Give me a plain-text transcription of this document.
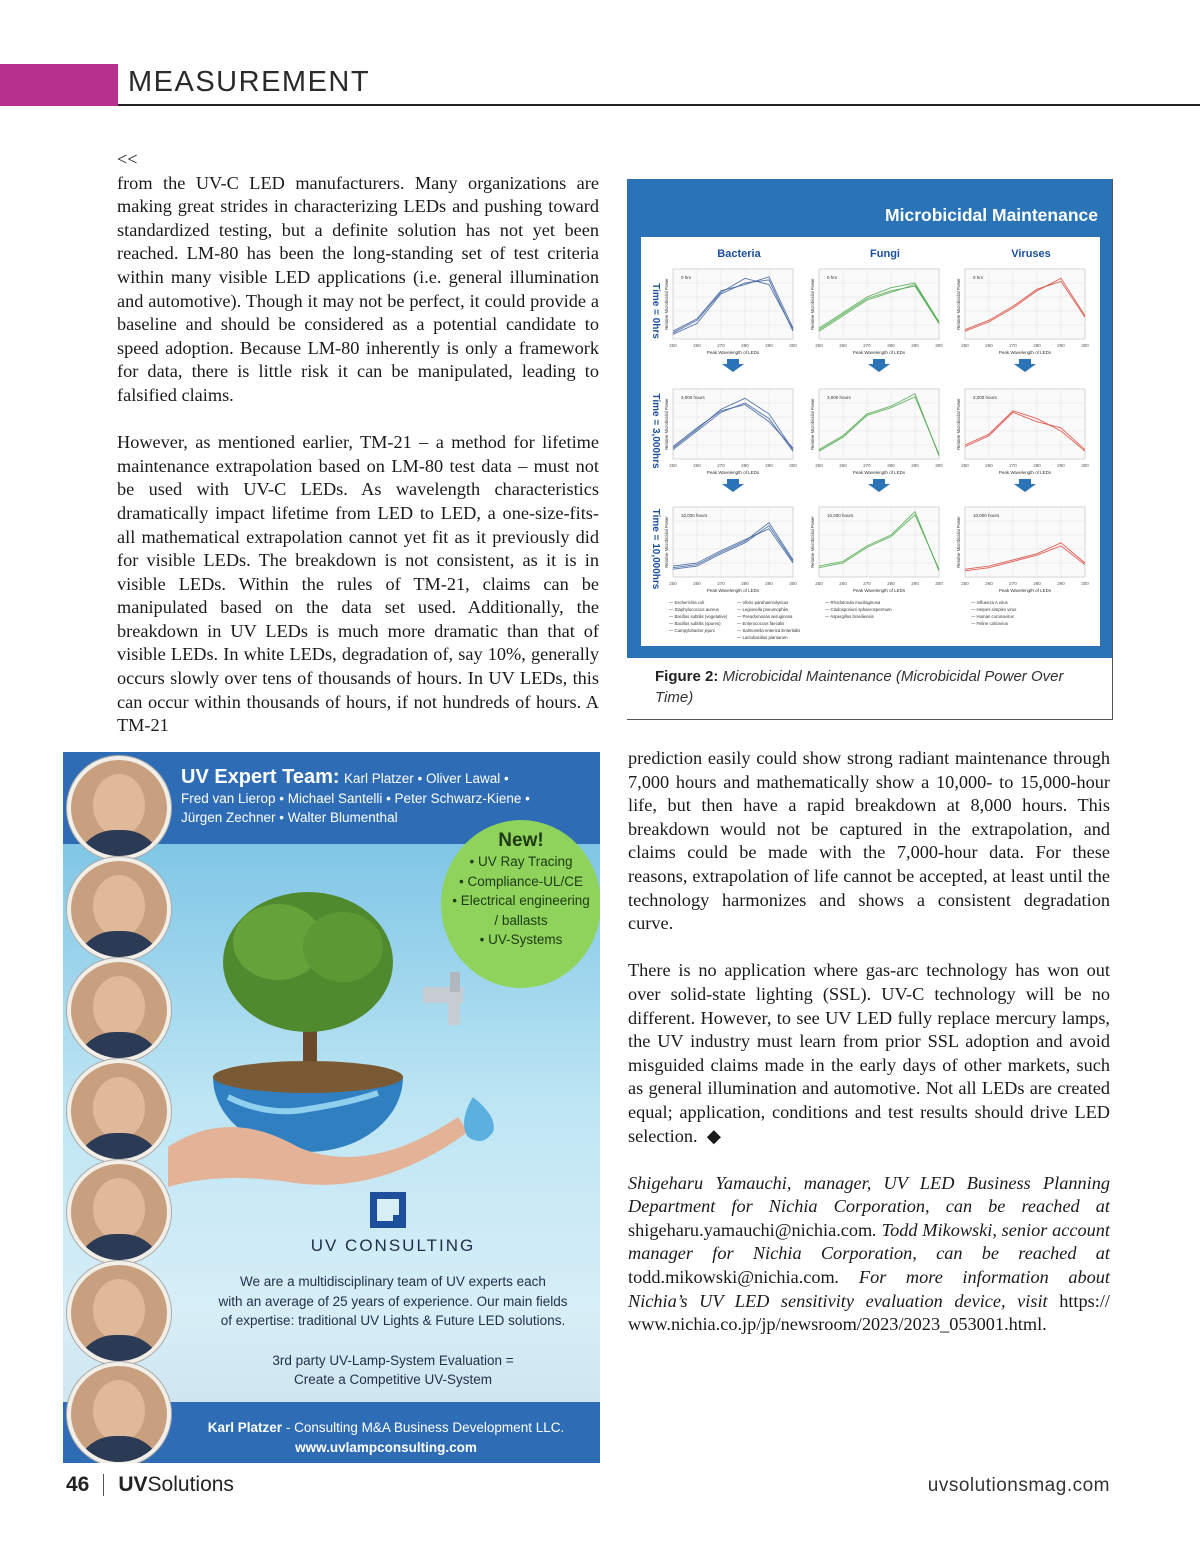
MEASUREMENT
<<

from the UV-C LED manufacturers. Many organizations are making great strides in characterizing LEDs and pushing toward standardized testing, but a definite solution has not yet been reached. LM-80 has been the long-standing set of test criteria within many visible LED applications (i.e. general illumination and automotive). Though it may not be perfect, it could provide a baseline and should be considered as a potential candidate to speed adoption. Because LM-80 inherently is only a framework for data, there is little risk it can be manipulated, leading to falsified claims.

However, as mentioned earlier, TM-21 – a method for lifetime maintenance extrapolation based on LM-80 test data – must not be used with UV-C LEDs. As wavelength characteristics dramatically impact lifetime from LED to LED, a one-size-fits-all mathematical extrapolation cannot yet fit as it previously did for visible LEDs. The breakdown is not consistent, as it is in visible LEDs. Within the rules of TM-21, claims can be manipulated based on the data set used. Additionally, the breakdown in UV LEDs is much more dramatic than that of visible LEDs. In white LEDs, degradation of, say 10%, generally occurs slowly over tens of thousands of hours. In UV LEDs, this can occur within thousands of hours, if not hundreds of hours. A TM-21

Microbicidal Maintenance
Bacteria	Fungi	Viruses
Time = 0hrs
250	260	270	280	290	300
Peak Wavelength of LEDs
Relative Microbicidal Power
0 hrs
250	260	270	280	290	300
Peak Wavelength of LEDs
Relative Microbicidal Power
0 hrs
250	260	270	280	290	300
Peak Wavelength of LEDs
Relative Microbicidal Power
0 hrs
Time = 3,000hrs 250	260	270	280	290	300
Peak Wavelength of LEDs
Relative Microbicidal Power
3,000 hours
250	260	270	280	290	300
Peak Wavelength of LEDs
Relative Microbicidal Power
3,000 hours
250	260	270	280	290	300
Peak Wavelength of LEDs
Relative Microbicidal Power
3,000 hours
Time = 10,000hrs 250	260	270	280	290	300
Peak Wavelength of LEDs
Relative Microbicidal Power
10,000 hours
250	260	270	280	290	300
Peak Wavelength of LEDs
Relative Microbicidal Power
10,000 hours
250	260	270	280	290	300
Peak Wavelength of LEDs
Relative Microbicidal Power
10,000 hours
— Escherichia coli
— Staphylococcus aureus
— Bacillus subtilis (vegetative)
— Bacillus subtilis (spores)
— Campylobacter jejuni
— Vibrio parahaemolyticus
— Legionella pneumophila
— Pseudomonas aeruginosa
— Enterococcus faecalis
— Salmonella enterica Enteritidis
— Lactobacillus plantarum
— Rhodotorula mucilaginosa
— Cladosporium sphaerospermum
— Aspergillus brasiliensis
— Influenza A virus
— Herpes simplex virus
— Human coronavirus
— Feline calicivirus
Figure 2: Microbicidal Maintenance (Microbicidal Power Over Time)

prediction easily could show strong radiant maintenance through 7,000 hours and mathematically show a 10,000- to 15,000-hour life, but then have a rapid breakdown at 8,000 hours. This breakdown would not be captured in the extrapolation, and claims could be made with the 7,000-hour data. For these reasons, extrapolation of life cannot be accepted, at least until the technology harmonizes and shows a consistent degradation curve.

There is no application where gas-arc technology has won out over solid-state lighting (SSL). UV-C technology will be no different. However, to see UV LED fully replace mercury lamps, the UV industry must learn from prior SSL adoption and avoid misguided claims made in the early days of other markets, such as general illumination and automotive. Not all LEDs are created equal; application, conditions and test results should drive LED selection. ◆

Shigeharu Yamauchi, manager, UV LED Business Planning Department for Nichia Corporation, can be reached at shigeharu.yamauchi@nichia.com. Todd Mikowski, senior account manager for Nichia Corporation, can be reached at todd.mikowski@nichia.com. For more information about Nichia’s UV LED sensitivity evaluation device, visit https:// www.nichia.co.jp/jp/newsroom/2023/2023_053001.html.

UV Expert Team: Karl Platzer • Oliver Lawal •
Fred van Lierop • Michael Santelli • Peter Schwarz-Kiene •
Jürgen Zechner • Walter Blumenthal
New!
• UV Ray Tracing
• Compliance-UL/CE
• Electrical engineering
/ ballasts
• UV-Systems
UV CONSULTING
We are a multidisciplinary team of UV experts each
with an average of 25 years of experience. Our main fields
of expertise: traditional UV Lights & Future LED solutions.
3rd party UV-Lamp-System Evaluation =
Create a Competitive UV-System
Karl Platzer - Consulting M&A Business Development LLC.
www.uvlampconsulting.com
46 UVSolutions	uvsolutionsmag.com
